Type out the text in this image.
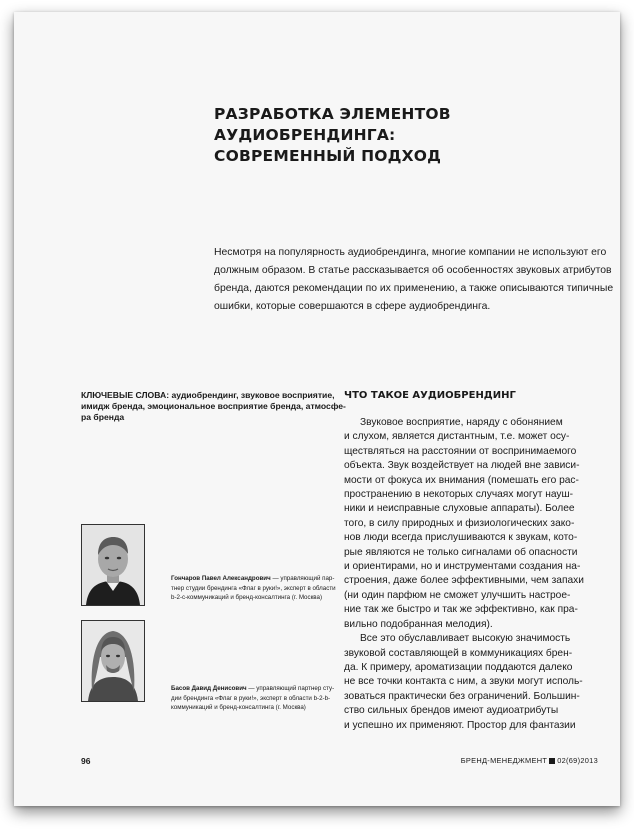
РАЗРАБОТКА ЭЛЕМЕНТОВ АУДИОБРЕНДИНГА:
СОВРЕМЕННЫЙ ПОДХОД

Несмотря на популярность аудиобрендинга, многие компании не используют его
должным образом. В статье рассказывается об особенностях звуковых атрибутов
бренда, даются рекомендации по их применению, а также описываются типичные
ошибки, которые совершаются в сфере аудиобрендинга.

КЛЮЧЕВЫЕ СЛОВА: аудиобрендинг, звуковое восприятие,
имидж бренда, эмоциональное восприятие бренда, атмосфе-
ра бренда
ЧТО ТАКОЕ АУДИОБРЕНДИНГ

Звуковое восприятие, наряду с обонянием
и слухом, является дистантным, т.е. может осу-
ществляться на расстоянии от воспринимаемого
объекта. Звук воздействует на людей вне зависи-
мости от фокуса их внимания (помешать его рас-
пространению в некоторых случаях могут науш-
ники и неисправные слуховые аппараты). Более
того, в силу природных и физиологических зако-
нов люди всегда прислушиваются к звукам, кото-
рые являются не только сигналами об опасности
и ориентирами, но и инструментами создания на-
строения, даже более эффективными, чем запахи
(ни один парфюм не сможет улучшить настрое-
ние так же быстро и так же эффективно, как пра-
вильно подобранная мелодия).
Все это обуславливает высокую значимость
звуковой составляющей в коммуникациях брен-
да. К примеру, ароматизации поддаются далеко
не все точки контакта с ним, а звуки могут исполь-
зоваться практически без ограничений. Большин-
ство сильных брендов имеют аудиоатрибуты
и успешно их применяют. Простор для фантазии

Гончаров Павел Александрович — управляющий пар-
тнер студии брендинга «Флаг в руки!», эксперт в области
b-2-c-коммуникаций и бренд-консалтинга (г. Москва)
Басов Давид Денисович — управляющий партнер сту-
дии брендинга «Флаг в руки!», эксперт в области b-2-b-
коммуникаций и бренд-консалтинга (г. Москва)
96	БРЕНД-МЕНЕДЖМЕНТ 02(69)2013
